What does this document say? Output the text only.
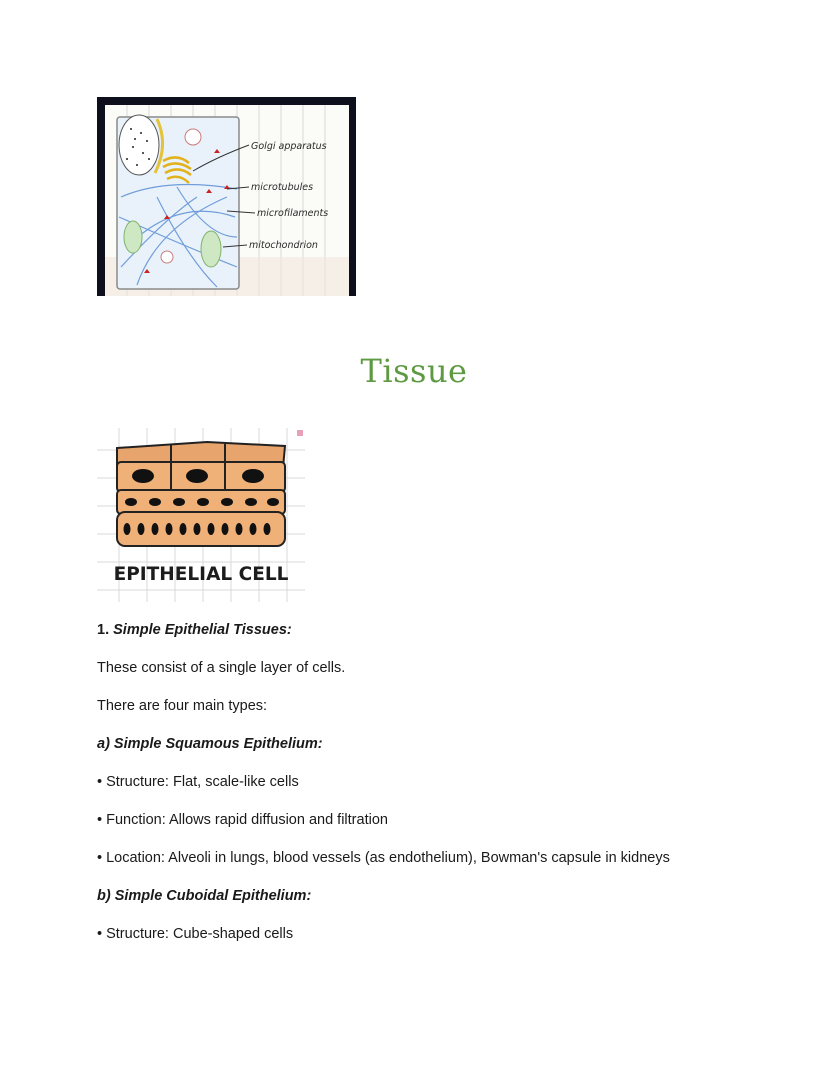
Golgi apparatus
microtubules
microfilaments
mitochondrion
Tissue
EPITHELIAL CELL
1. Simple Epithelial Tissues:
These consist of a single layer of cells.
There are four main types:
a) Simple Squamous Epithelium:
• Structure: Flat, scale-like cells
• Function: Allows rapid diffusion and filtration
• Location: Alveoli in lungs, blood vessels (as endothelium), Bowman's capsule in kidneys
b) Simple Cuboidal Epithelium:
• Structure: Cube-shaped cells
